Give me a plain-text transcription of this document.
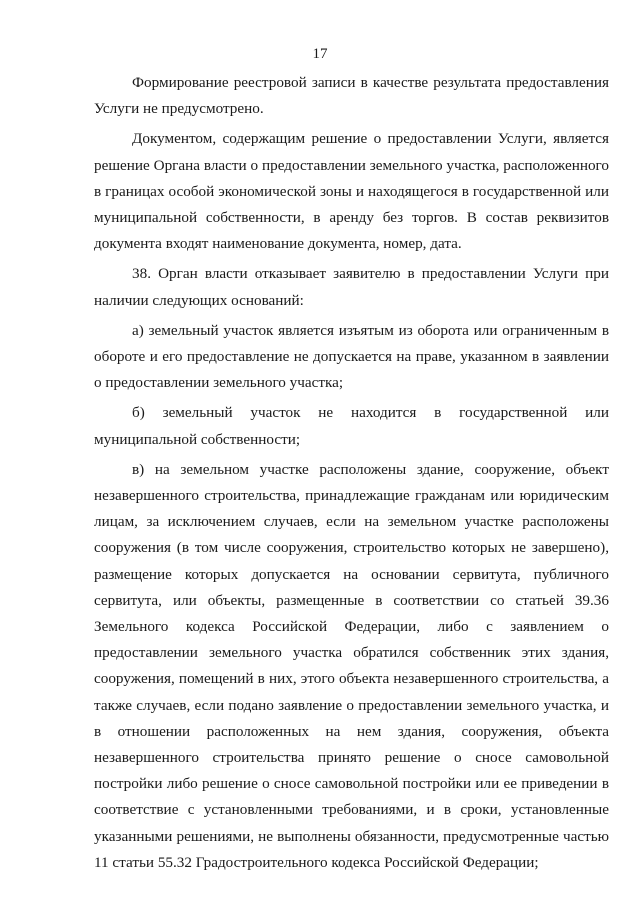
17

Формирование реестровой записи в качестве результата предоставления Услуги не предусмотрено.

Документом, содержащим решение о предоставлении Услуги, является решение Органа власти о предоставлении земельного участка, расположенного в границах особой экономической зоны и находящегося в государственной или муниципальной собственности, в аренду без торгов. В состав реквизитов документа входят наименование документа, номер, дата.

38. Орган власти отказывает заявителю в предоставлении Услуги при наличии следующих оснований:

а) земельный участок является изъятым из оборота или ограниченным в обороте и его предоставление не допускается на праве, указанном в заявлении о предоставлении земельного участка;

б) земельный участок не находится в государственной или муниципальной собственности;

в) на земельном участке расположены здание, сооружение, объект незавершенного строительства, принадлежащие гражданам или юридическим лицам, за исключением случаев, если на земельном участке расположены сооружения (в том числе сооружения, строительство которых не завершено), размещение которых допускается на основании сервитута, публичного сервитута, или объекты, размещенные в соответствии со статьей 39.36 Земельного кодекса Российской Федерации, либо с заявлением о предоставлении земельного участка обратился собственник этих здания, сооружения, помещений в них, этого объекта незавершенного строительства, а также случаев, если подано заявление о предоставлении земельного участка, и в отношении расположенных на нем здания, сооружения, объекта незавершенного строительства принято решение о сносе самовольной постройки либо решение о сносе самовольной постройки или ее приведении в соответствие с установленными требованиями, и в сроки, установленные указанными решениями, не выполнены обязанности, предусмотренные частью 11 статьи 55.32 Градостроительного кодекса Российской Федерации;
